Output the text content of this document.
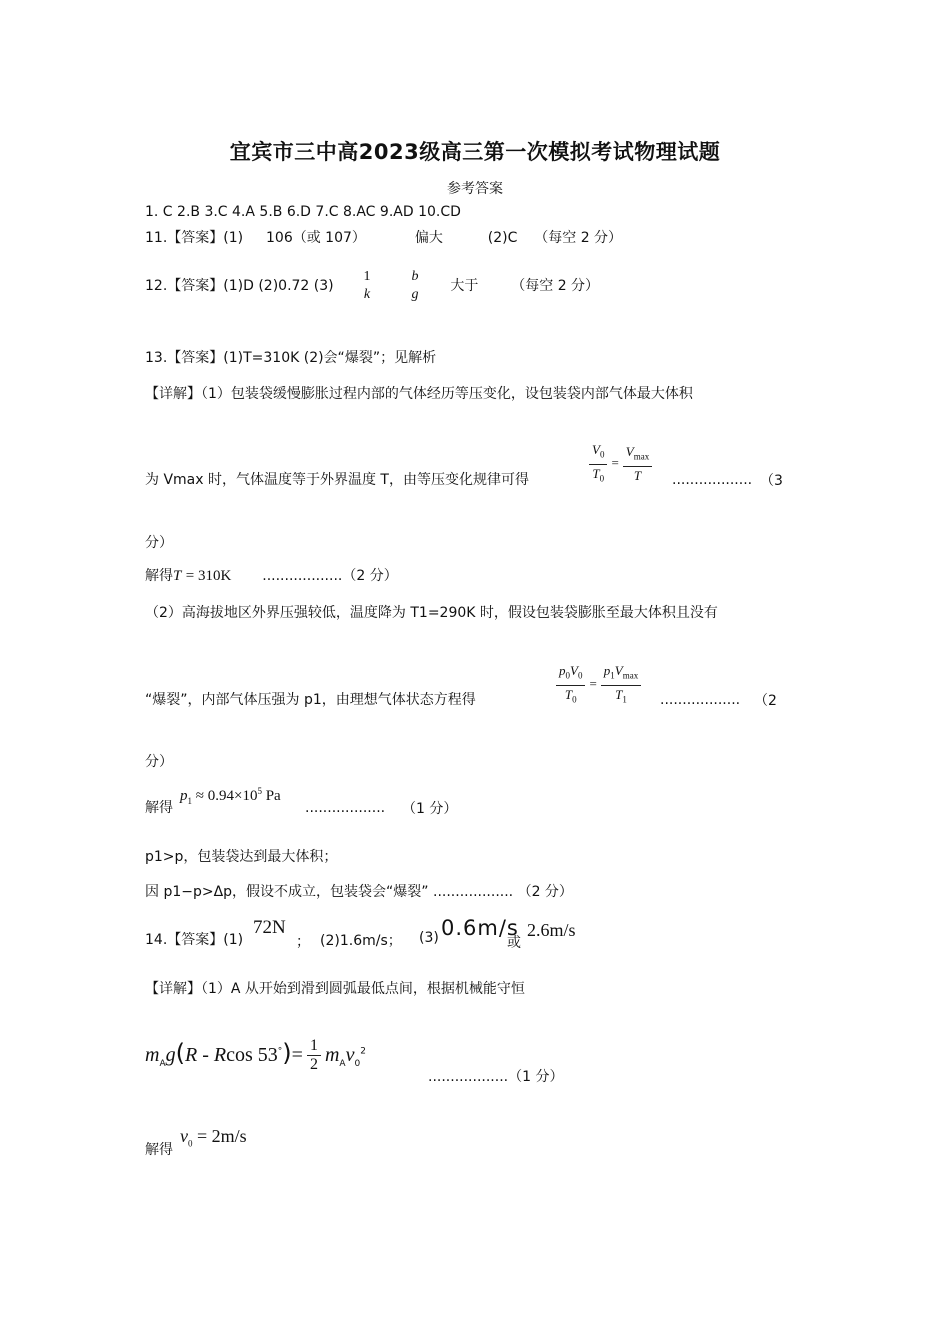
宜宾市三中高2023级高三第一次模拟考试物理试题
参考答案
1. C 2.B 3.C 4.A 5.B 6.D 7.C 8.AC 9.AD 10.CD
11.【答案】(1) 106（或 107）	偏大	(2)C （每空 2 分）
12.【答案】(1)D (2)0.72 (3)
1
k

b
g
大于 （每空 2 分）
13.【答案】(1)T=310K (2)会“爆裂”；见解析
【详解】（1）包装袋缓慢膨胀过程内部的气体经历等压变化，设包装袋内部气体最大体积
为 Vmax 时，气体温度等于外界温度 T，由等压变化规律可得	$\frac{V_0}{T_0} = \frac{V_{max}}{T}$ .................. （3
分）
解得T = 310K ..................（2 分）
（2）高海拔地区外界压强较低，温度降为 T1=290K 时，假设包装袋膨胀至最大体积且没有
“爆裂”，内部气体压强为 p1，由理想气体状态方程得	$\frac{p_0V_0}{T_0} = \frac{p_1V_{max}}{T_1}$ .................. （2
分）
解得
$p_1 \approx 0.94\times 10^5$ Pa
.................. （1 分）
p1>p，包装袋达到最大体积；
因 p1−p>Δp，假设不成立，包装袋会“爆裂” .................. （2 分）
14.【答案】(1)
72N
； (2)1.6m/s； (3) 0.6m/s
或
2.6m/s
【详解】（1）A 从开始到滑到圆弧最低点间，根据机械能守恒
$m_Ag(R$ - Rcos $53^\circ)= \frac{1}{2} m_Av_0^2$
..................（1 分）
解得
$v_0 = 2m/s$
